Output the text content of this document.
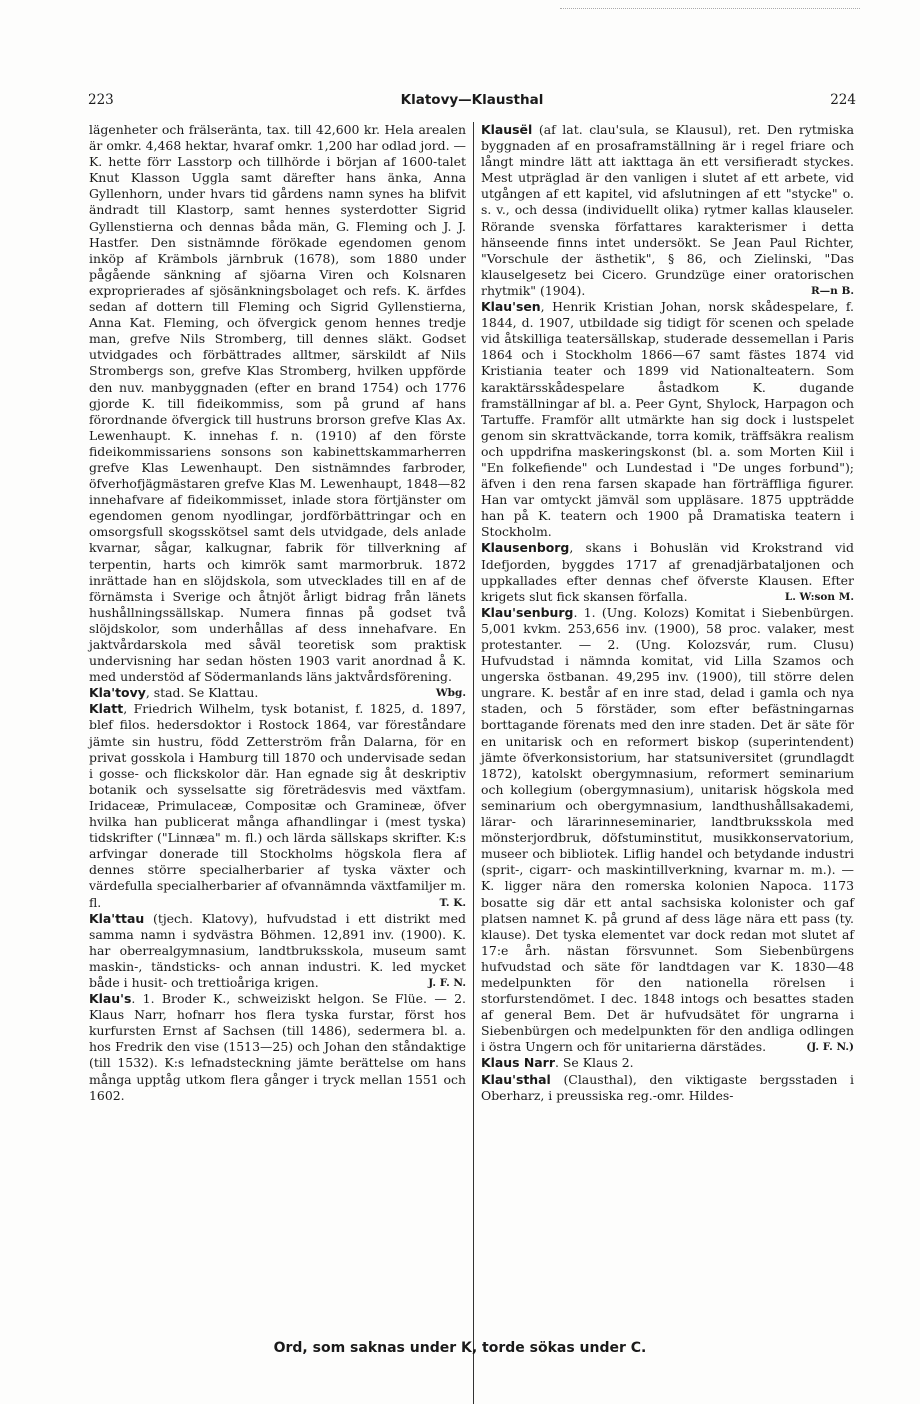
223	Klatovy—Klausthal	224

lägenheter och frälseränta, tax. till 42,600 kr. Hela arealen är omkr. 4,468 hektar, hvaraf omkr. 1,200 har odlad jord. — K. hette förr Lasstorp och tillhörde i början af 1600-talet Knut Klasson Uggla samt därefter hans änka, Anna Gyllenhorn, under hvars tid gårdens namn synes ha blifvit ändradt till Klastorp, samt hennes systerdotter Sigrid Gyllenstierna och dennas båda män, G. Fleming och J. J. Hastfer. Den sistnämnde förökade egendomen genom inköp af Krämbols järnbruk (1678), som 1880 under pågående sänkning af sjöarna Viren och Kolsnaren exproprierades af sjösänkningsbolaget och refs. K. ärfdes sedan af dottern till Fleming och Sigrid Gyllenstierna, Anna Kat. Fleming, och öfvergick genom hennes tredje man, grefve Nils Stromberg, till dennes släkt. Godset utvidgades och förbättrades alltmer, särskildt af Nils Strombergs son, grefve Klas Stromberg, hvilken uppförde den nuv. manbyggnaden (efter en brand 1754) och 1776 gjorde K. till fideikommiss, som på grund af hans förordnande öfvergick till hustruns brorson grefve Klas Ax. Lewenhaupt. K. innehas f. n. (1910) af den förste fideikommissariens sonsons son kabinettskammarherren grefve Klas Lewenhaupt. Den sistnämndes farbroder, öfverhofjägmästaren grefve Klas M. Lewenhaupt, 1848—82 innehafvare af fideikommisset, inlade stora förtjänster om egendomen genom nyodlingar, jordförbättringar och en omsorgsfull skogsskötsel samt dels utvidgade, dels anlade kvarnar, sågar, kalkugnar, fabrik för tillverkning af terpentin, harts och kimrök samt marmorbruk. 1872 inrättade han en slöjdskola, som utvecklades till en af de förnämsta i Sverige och åtnjöt årligt bidrag från länets hushållningssällskap. Numera finnas på godset två slöjdskolor, som underhållas af dess innehafvare. En jaktvårdarskola med såväl teoretisk som praktisk undervisning har sedan hösten 1903 varit anordnad å K. med understöd af Södermanlands läns jaktvårdsförening.
Wbg.

Kla'tovy, stad. Se Klattau.

Klatt, Friedrich Wilhelm, tysk botanist, f. 1825, d. 1897, blef filos. hedersdoktor i Rostock 1864, var föreståndare jämte sin hustru, född Zetterström från Dalarna, för en privat gosskola i Hamburg till 1870 och undervisade sedan i gosse- och flickskolor där. Han egnade sig åt deskriptiv botanik och sysselsatte sig företrädesvis med växtfam. Iridaceæ, Primulaceæ, Compositæ och Gramineæ, öfver hvilka han publicerat många afhandlingar i (mest tyska) tidskrifter ("Linnæa" m. fl.) och lärda sällskaps skrifter. K:s arfvingar donerade till Stockholms högskola flera af dennes större specialherbarier af tyska växter och värdefulla specialherbarier af ofvannämnda växtfamiljer m. fl.	T. K.

Kla'ttau (tjech. Klatovy), hufvudstad i ett distrikt med samma namn i sydvästra Böhmen. 12,891 inv. (1900). K. har oberrealgymnasium, landtbruksskola, museum samt maskin-, tändsticks- och annan industri. K. led mycket både i husit- och trettioåriga krigen.	J. F. N.

Klau's. 1. Broder K., schweiziskt helgon. Se Flüe. — 2. Klaus Narr, hofnarr hos flera tyska furstar, först hos kurfursten Ernst af Sachsen (till 1486), sedermera bl. a. hos Fredrik den vise (1513—25) och Johan den ståndaktige (till 1532). K:s lefnadsteckning jämte berättelse om hans många upptåg utkom flera gånger i tryck mellan 1551 och 1602.

Klausël (af lat. clau'sula, se Klausul), ret. Den rytmiska byggnaden af en prosaframställning är i regel friare och långt mindre lätt att iakttaga än ett versifieradt styckes. Mest utpräglad är den vanligen i slutet af ett arbete, vid utgången af ett kapitel, vid afslutningen af ett "stycke" o. s. v., och dessa (individuellt olika) rytmer kallas klauseler. Rörande svenska författares karakterismer i detta hänseende finns intet undersökt. Se Jean Paul Richter, "Vorschule der ästhetik", § 86, och Zielinski, "Das klauselgesetz bei Cicero. Grundzüge einer oratorischen rhytmik" (1904).	R—n B.

Klau'sen, Henrik Kristian Johan, norsk skådespelare, f. 1844, d. 1907, utbildade sig tidigt för scenen och spelade vid åtskilliga teatersällskap, studerade dessemellan i Paris 1864 och i Stockholm 1866—67 samt fästes 1874 vid Kristiania teater och 1899 vid Nationalteatern. Som karaktärsskådespelare åstadkom K. dugande framställningar af bl. a. Peer Gynt, Shylock, Harpagon och Tartuffe. Framför allt utmärkte han sig dock i lustspelet genom sin skrattväckande, torra komik, träffsäkra realism och uppdrifna maskeringskonst (bl. a. som Morten Kiil i "En folkefiende" och Lundestad i "De unges forbund"); äfven i den rena farsen skapade han förträffliga figurer. Han var omtyckt jämväl som uppläsare. 1875 uppträdde han på K. teatern och 1900 på Dramatiska teatern i Stockholm.

Klausenborg, skans i Bohuslän vid Krokstrand vid Idefjorden, byggdes 1717 af grenadjärbataljonen och uppkallades efter dennas chef öfverste Klausen. Efter krigets slut fick skansen förfalla.	L. W:son M.

Klau'senburg. 1. (Ung. Kolozs) Komitat i Siebenbürgen. 5,001 kvkm. 253,656 inv. (1900), 58 proc. valaker, mest protestanter. — 2. (Ung. Kolozsvár, rum. Clusu) Hufvudstad i nämnda komitat, vid Lilla Szamos och ungerska östbanan. 49,295 inv. (1900), till större delen ungrare. K. består af en inre stad, delad i gamla och nya staden, och 5 förstäder, som efter befästningarnas borttagande förenats med den inre staden. Det är säte för en unitarisk och en reformert biskop (superintendent) jämte öfverkonsistorium, har statsuniversitet (grundlagdt 1872), katolskt obergymnasium, reformert seminarium och kollegium (obergymnasium), unitarisk högskola med seminarium och obergymnasium, landthushållsakademi, lärar- och lärarinneseminarier, landtbruksskola med mönsterjordbruk, döfstuminstitut, musikkonservatorium, museer och bibliotek. Liflig handel och betydande industri (sprit-, cigarr- och maskintillverkning, kvarnar m. m.). — K. ligger nära den romerska kolonien Napoca. 1173 bosatte sig där ett antal sachsiska kolonister och gaf platsen namnet K. på grund af dess läge nära ett pass (ty. klause). Det tyska elementet var dock redan mot slutet af 17:e årh. nästan försvunnet. Som Siebenbürgens hufvudstad och säte för landtdagen var K. 1830—48 medelpunkten för den nationella rörelsen i storfurstendömet. I dec. 1848 intogs och besattes staden af general Bem. Det är hufvudsätet för ungrarna i Siebenbürgen och medelpunkten för den andliga odlingen i östra Ungern och för unitarierna därstädes.	(J. F. N.)

Klaus Narr. Se Klaus 2.

Klau'sthal (Clausthal), den viktigaste bergsstaden i Oberharz, i preussiska reg.-omr. Hildes-

Ord, som saknas under K, torde sökas under C.
